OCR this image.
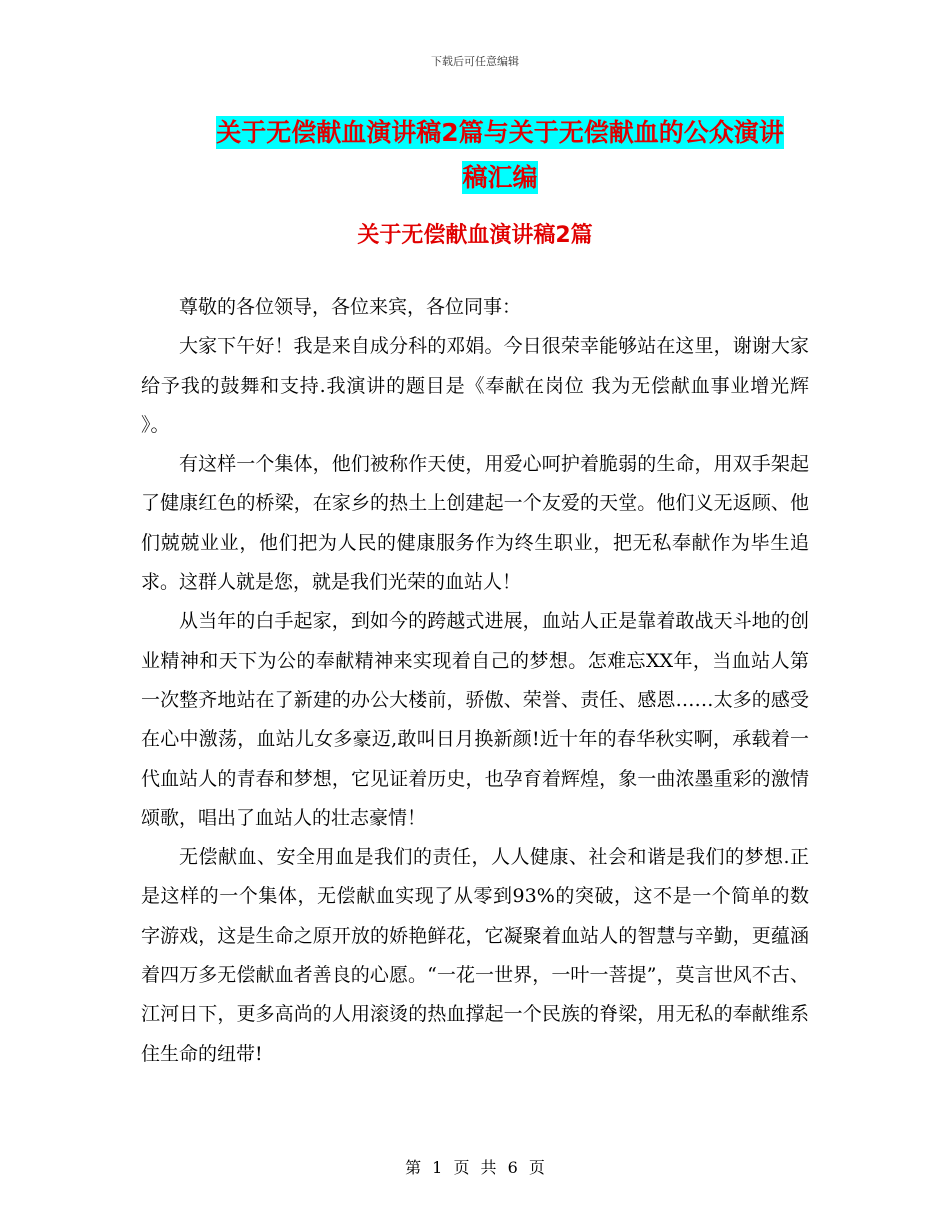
下载后可任意编辑
关于无偿献血演讲稿2篇与关于无偿献血的公众演讲
稿汇编
关于无偿献血演讲稿2篇

尊敬的各位领导，各位来宾，各位同事：

大家下午好！我是来自成分科的邓娟。今日很荣幸能够站在这里，谢谢大家给予我的鼓舞和支持.我演讲的题目是《奉献在岗位 我为无偿献血事业增光辉 》。

有这样一个集体，他们被称作天使，用爱心呵护着脆弱的生命，用双手架起了健康红色的桥梁，在家乡的热土上创建起一个友爱的天堂。他们义无返顾、他们兢兢业业，他们把为人民的健康服务作为终生职业，把无私奉献作为毕生追求。这群人就是您，就是我们光荣的血站人！

从当年的白手起家，到如今的跨越式进展，血站人正是靠着敢战天斗地的创业精神和天下为公的奉献精神来实现着自己的梦想。怎难忘XX年，当血站人第一次整齐地站在了新建的办公大楼前，骄傲、荣誉、责任、感恩……太多的感受在心中激荡，血站儿女多豪迈,敢叫日月换新颜!近十年的春华秋实啊，承载着一代血站人的青春和梦想，它见证着历史，也孕育着辉煌，象一曲浓墨重彩的激情颂歌，唱出了血站人的壮志豪情！

无偿献血、安全用血是我们的责任，人人健康、社会和谐是我们的梦想.正是这样的一个集体，无偿献血实现了从零到93%的突破，这不是一个简单的数字游戏，这是生命之原开放的娇艳鲜花，它凝聚着血站人的智慧与辛勤，更蕴涵着四万多无偿献血者善良的心愿。“一花一世界，一叶一菩提”，莫言世风不古、江河日下，更多高尚的人用滚烫的热血撑起一个民族的脊梁，用无私的奉献维系住生命的纽带!

第 1 页 共 6 页
